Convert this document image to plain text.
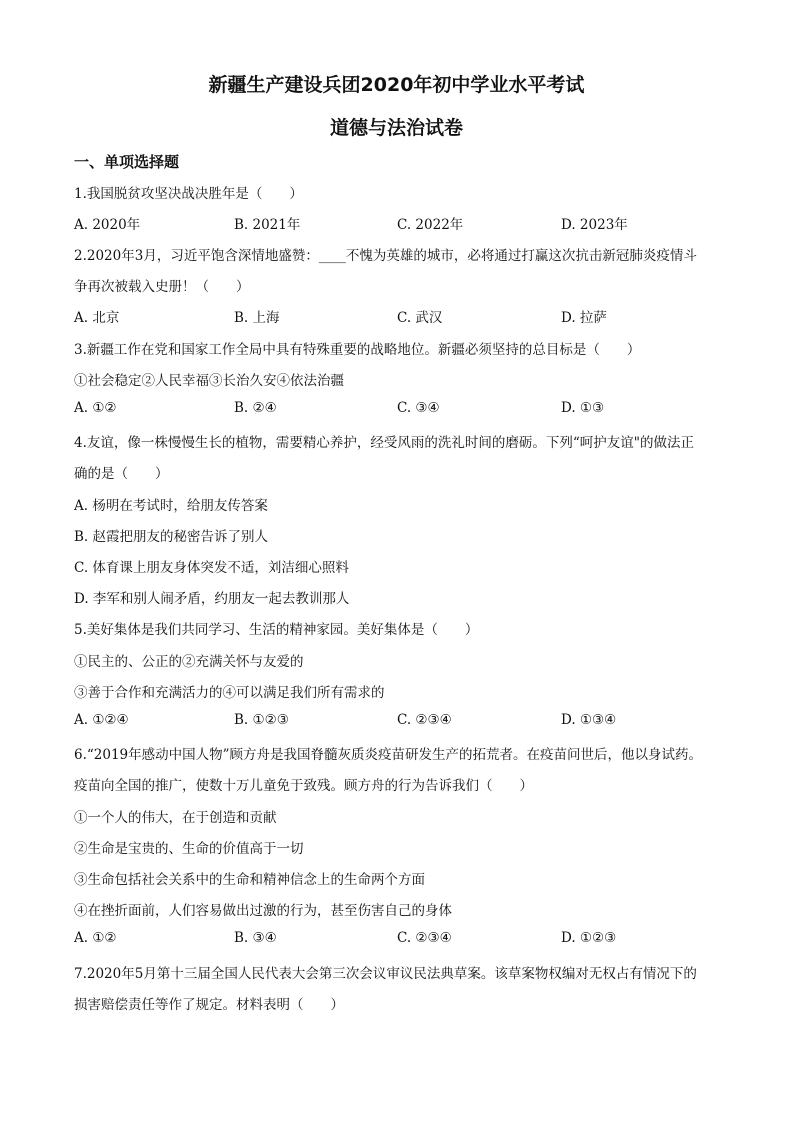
新疆生产建设兵团2020年初中学业水平考试
道德与法治试卷
一、单项选择题
1.我国脱贫攻坚决战决胜年是（　　）
A. 2020年	B. 2021年	C. 2022年	D. 2023年
2.2020年3月，习近平饱含深情地盛赞：____不愧为英雄的城市，必将通过打赢这次抗击新冠肺炎疫情斗
争再次被载入史册！（　　）
A. 北京	B. 上海	C. 武汉	D. 拉萨
3.新疆工作在党和国家工作全局中具有特殊重要的战略地位。新疆必须坚持的总目标是（　　）
①社会稳定②人民幸福③长治久安④依法治疆
A. ①②	B. ②④	C. ③④	D. ①③
4.友谊，像一株慢慢生长的植物，需要精心养护，经受风雨的洗礼时间的磨砺。下列“呵护友谊"的做法正
确的是（　　）
A. 杨明在考试时，给朋友传答案
B. 赵霞把朋友的秘密告诉了别人
C. 体育课上朋友身体突发不适，刘洁细心照料
D. 李军和别人闹矛盾，约朋友一起去教训那人
5.美好集体是我们共同学习、生活的精神家园。美好集体是（　　）
①民主的、公正的②充满关怀与友爱的
③善于合作和充满活力的④可以满足我们所有需求的
A. ①②④	B. ①②③	C. ②③④	D. ①③④
6.“2019年感动中国人物”顾方舟是我国脊髓灰质炎疫苗研发生产的拓荒者。在疫苗问世后，他以身试药。
疫苗向全国的推广，使数十万儿童免于致残。顾方舟的行为告诉我们（　　）
①一个人的伟大，在于创造和贡献
②生命是宝贵的、生命的价值高于一切
③生命包括社会关系中的生命和精神信念上的生命两个方面
④在挫折面前，人们容易做出过激的行为，甚至伤害自己的身体
A. ①②	B. ③④	C. ②③④	D. ①②③
7.2020年5月第十三届全国人民代表大会第三次会议审议民法典草案。该草案物权编对无权占有情况下的
损害赔偿责任等作了规定。材料表明（　　）
